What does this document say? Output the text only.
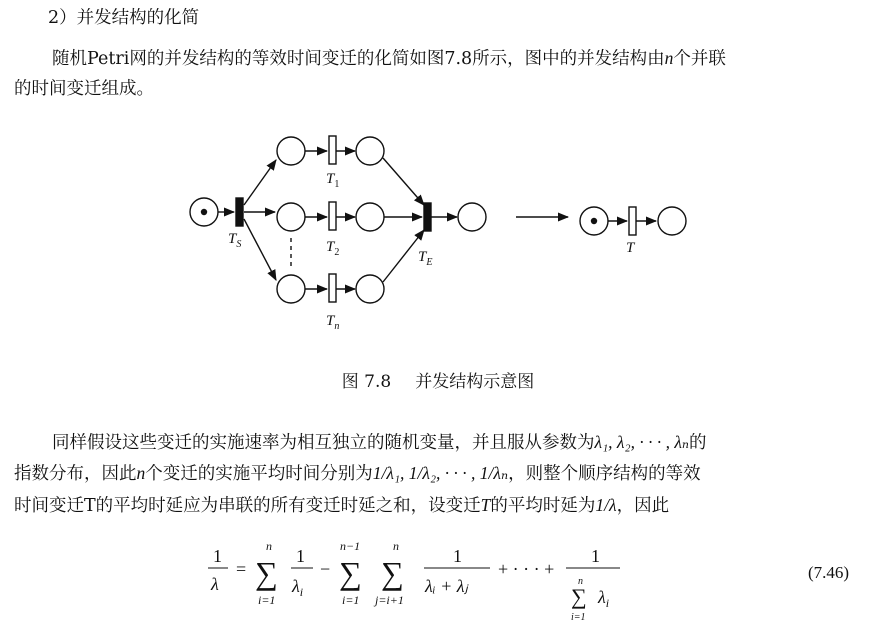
2）并发结构的化简
随机Petri网的并发结构的等效时间变迁的化简如图7.8所示，图中的并发结构由n个并联
的时间变迁组成。
$T_1$
$T_2$
$T_n$
$T_S$
$T_E$
T
图 7.8 并发结构示意图
同样假设这些变迁的实施速率为相互独立的随机变量，并且服从参数为λ₁, λ₂, · · · , λₙ的
指数分布，因此n个变迁的实施平均时间分别为1/λ₁, 1/λ₂, · · · , 1/λₙ，则整个顺序结构的等效
时间变迁T的平均时延应为串联的所有变迁时延之和，设变迁T的平均时延为1/λ，因此
1
λ
=
n
∑
i=1
1
$\lambda_i$
−
n−1
∑
i=1
n
∑
j=i+1
1
λᵢ + λⱼ
+ · · · +
1
n
∑
i=1
$\lambda_i$
(7.46)
